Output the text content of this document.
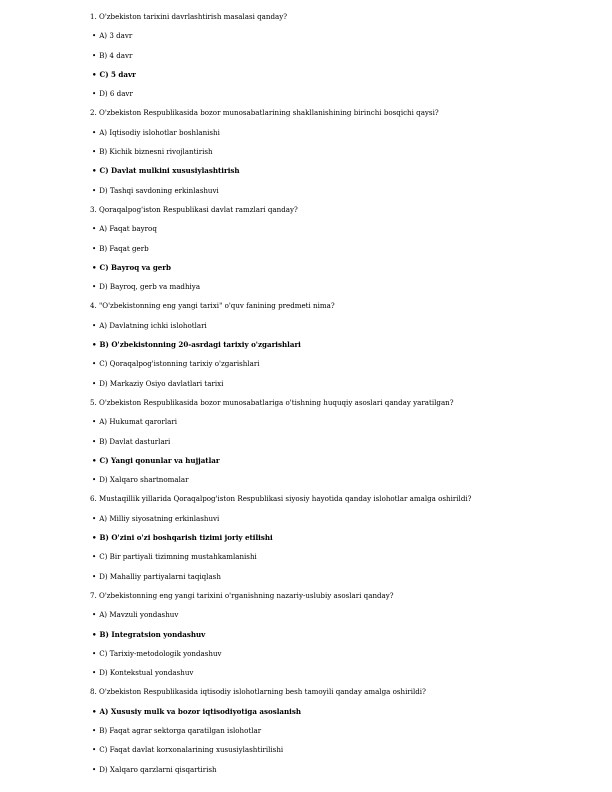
1. O'zbekiston tarixini davrlashtirish masalasi qanday?
• A) 3 davr
• B) 4 davr
• C) 5 davr
• D) 6 davr
2. O'zbekiston Respublikasida bozor munosabatlarining shakllanishining birinchi bosqichi qaysi?
• A) Iqtisodiy islohotlar boshlanishi
• B) Kichik biznesni rivojlantirish
• C) Davlat mulkini xususiylashtirish
• D) Tashqi savdoning erkinlashuvi
3. Qoraqalpog'iston Respublikasi davlat ramzlari qanday?
• A) Faqat bayroq
• B) Faqat gerb
• C) Bayroq va gerb
• D) Bayroq, gerb va madhiya
4. "O'zbekistonning eng yangi tarixi" o'quv fanining predmeti nima?
• A) Davlatning ichki islohotlari
• B) O'zbekistonning 20-asrdagi tarixiy o'zgarishlari
• C) Qoraqalpog'istonning tarixiy o'zgarishlari
• D) Markaziy Osiyo davlatlari tarixi
5. O'zbekiston Respublikasida bozor munosabatlariga o'tishning huquqiy asoslari qanday yaratilgan?
• A) Hukumat qarorlari
• B) Davlat dasturlari
• C) Yangi qonunlar va hujjatlar
• D) Xalqaro shartnomalar
6. Mustaqillik yillarida Qoraqalpog'iston Respublikasi siyosiy hayotida qanday islohotlar amalga oshirildi?
• A) Milliy siyosatning erkinlashuvi
• B) O'zini o'zi boshqarish tizimi joriy etilishi
• C) Bir partiyali tizimning mustahkamlanishi
• D) Mahalliy partiyalarni taqiqlash
7. O'zbekistonning eng yangi tarixini o'rganishning nazariy-uslubiy asoslari qanday?
• A) Mavzuli yondashuv
• B) Integratsion yondashuv
• C) Tarixiy-metodologik yondashuv
• D) Kontekstual yondashuv
8. O'zbekiston Respublikasida iqtisodiy islohotlarning besh tamoyili qanday amalga oshirildi?
• A) Xususiy mulk va bozor iqtisodiyotiga asoslanish
• B) Faqat agrar sektorga qaratilgan islohotlar
• C) Faqat davlat korxonalarining xususiylashtirilishi
• D) Xalqaro qarzlarni qisqartirish
